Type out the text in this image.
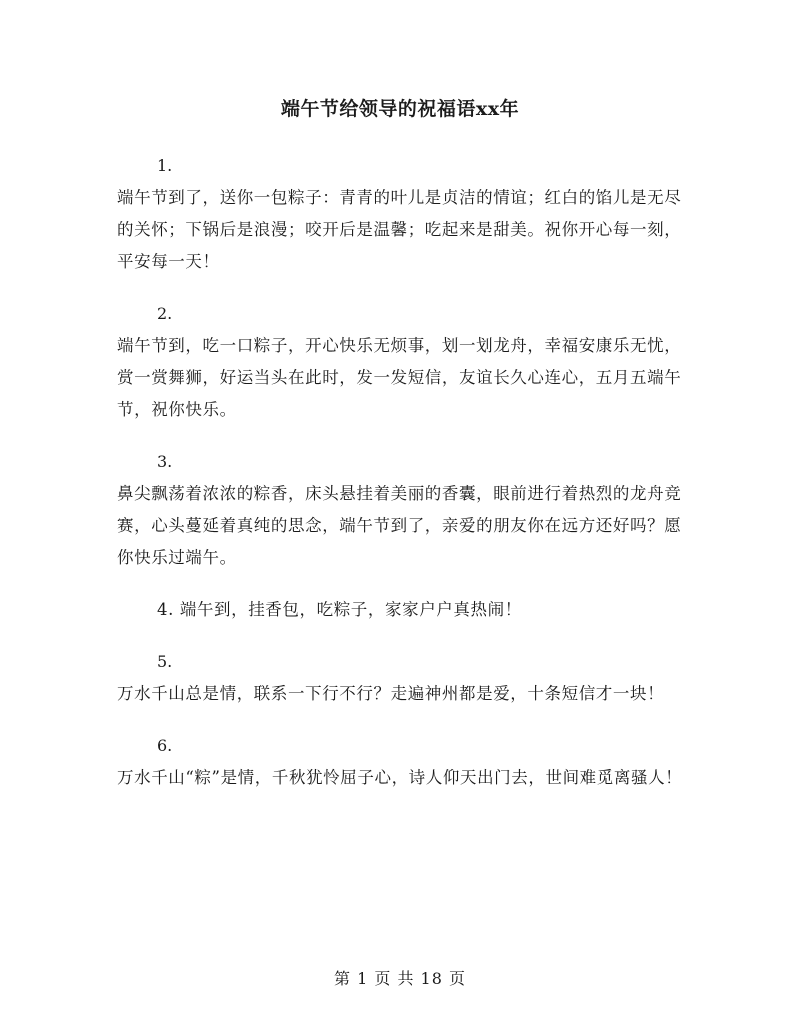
端午节给领导的祝福语xx年
1.
端午节到了，送你一包粽子：青青的叶儿是贞洁的情谊；红白的馅儿是无尽的关怀；下锅后是浪漫；咬开后是温馨；吃起来是甜美。祝你开心每一刻，平安每一天！
2.
端午节到，吃一口粽子，开心快乐无烦事，划一划龙舟，幸福安康乐无忧，赏一赏舞狮，好运当头在此时，发一发短信，友谊长久心连心，五月五端午节，祝你快乐。
3.
鼻尖飘荡着浓浓的粽香，床头悬挂着美丽的香囊，眼前进行着热烈的龙舟竞赛，心头蔓延着真纯的思念，端午节到了，亲爱的朋友你在远方还好吗？愿你快乐过端午。
4. 端午到，挂香包，吃粽子，家家户户真热闹！
5.
万水千山总是情，联系一下行不行？走遍神州都是爱，十条短信才一块！
6.
万水千山“粽”是情，千秋犹怜屈子心，诗人仰天出门去，世间难觅离骚人！
第 1 页 共 18 页
